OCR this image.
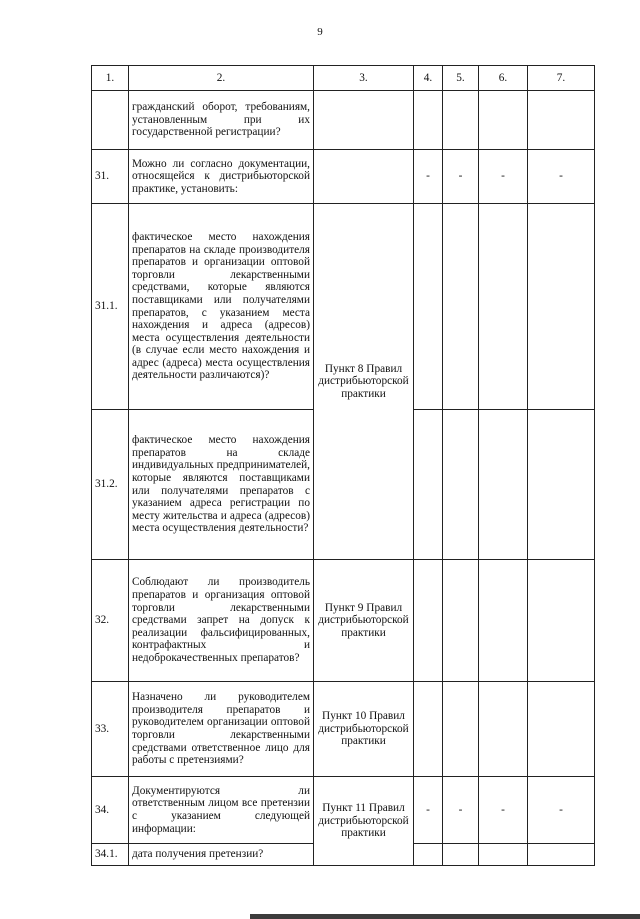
9
1.	2.	3.	4.	5.	6.	7.
	гражданский оборот, требованиям, установленным при их государственной регистрации?					
31.	Можно ли согласно документации, относящейся к дистрибьюторской практике, установить:		-	-	-	-
31.1.	фактическое место нахождения препаратов на складе производителя препаратов и организации оптовой торговли лекарственными средствами, которые являются поставщиками или получателями препаратов, с указанием места нахождения и адреса (адресов) места осуществления деятельности (в случае если место нахождения и адрес (адреса) места осуществления деятельности различаются)?	Пункт 8 Правил дистрибьюторской практики				
31.2.	фактическое место нахождения препаратов на складе индивидуальных предпринимателей, которые являются поставщиками или получателями препаратов с указанием адреса регистрации по месту жительства и адреса (адресов) места осуществления деятельности?					
32.	Соблюдают ли производитель препаратов и организация оптовой торговли лекарственными средствами запрет на допуск к реализации фальсифицированных, контрафактных и недоброкачественных препаратов?	Пункт 9 Правил дистрибьюторской практики				
33.	Назначено ли руководителем производителя препаратов и руководителем организации оптовой торговли лекарственными средствами ответственное лицо для работы с претензиями?	Пункт 10 Правил дистрибьюторской практики				
34.	Документируются ли ответственным лицом все претензии с указанием следующей информации:	Пункт 11 Правил дистрибьюторской практики	-	-	-	-
34.1.	дата получения претензии?					
